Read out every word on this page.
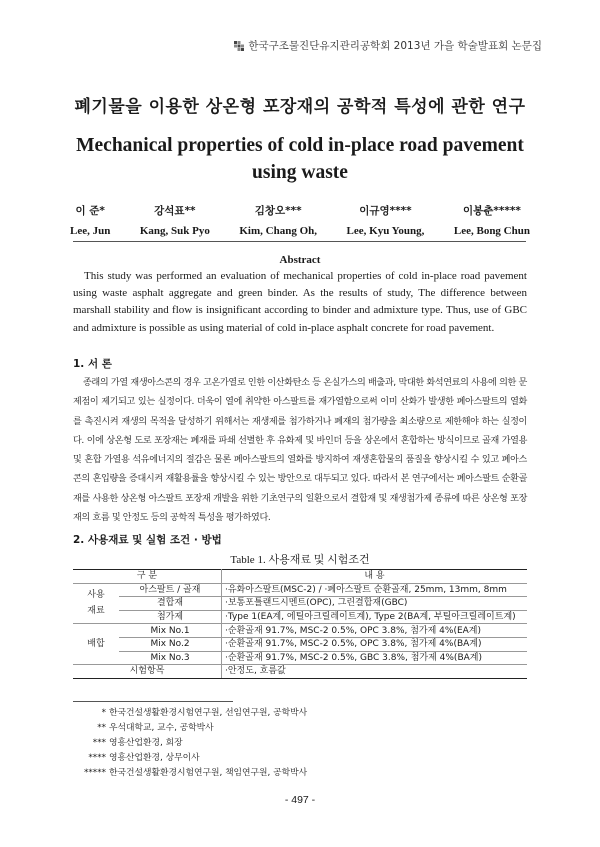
한국구조물진단유지관리공학회 2013년 가을 학술발표회 논문집
폐기물을 이용한 상온형 포장재의 공학적 특성에 관한 연구
Mechanical properties of cold in-place road pavement
using waste
이 준*
Lee, Jun
강석표**
Kang, Suk Pyo
김창오***
Kim, Chang Oh,
이규영****
Lee, Kyu Young,
이봉춘*****
Lee, Bong Chun
Abstract
This study was performed an evaluation of mechanical properties of cold in-place road pavement using waste asphalt aggregate and green binder. As the results of study, The difference between marshall stability and flow is insignificant according to binder and admixture type. Thus, use of GBC and admixture is possible as using material of cold in-place asphalt concrete for road pavement.
1. 서 론
종래의 가열 재생아스콘의 경우 고온가열로 인한 이산화탄소 등 온실가스의 배출과, 막대한 화석연료의 사용에 의한 문제점이 제기되고 있는 실정이다. 더욱이 열에 취약한 아스팔트를 재가열함으로써 이미 산화가 발생한 폐아스팔트의 열화를 촉진시켜 재생의 목적을 달성하기 위해서는 재생제를 첨가하거나 폐재의 첨가량을 최소량으로 제한해야 하는 실정이다. 이에 상온형 도로 포장재는 폐재를 파쇄 선별한 후 유화제 및 바인더 등을 상온에서 혼합하는 방식이므로 골재 가열용 및 혼합 가열용 석유에너지의 절감은 물론 폐아스팔트의 열화를 방지하여 재생혼합물의 품질을 향상시킬 수 있고 폐아스콘의 혼입량을 증대시켜 재활용률을 향상시킬 수 있는 방안으로 대두되고 있다. 따라서 본 연구에서는 폐아스팔트 순환골재를 사용한 상온형 아스팔트 포장재 개발을 위한 기초연구의 일환으로서 결합재 및 재생첨가제 종류에 따른 상온형 포장재의 흐름 및 안정도 등의 공학적 특성을 평가하였다.
2. 사용재료 및 실험 조건 · 방법
Table 1. 사용재료 및 시험조건
구 분		내 용

사용
재료	아스팔트 / 골재	·유화아스팔트(MSC-2) / ·폐아스팔트 순환골재, 25mm, 13mm, 8mm
	결합재	·보통포틀랜드시멘트(OPC), 그린결합재(GBC)
	첨가제	·Type 1(EA계, 에틸아크릴레이트계), Type 2(BA계, 부틸아크릴레이트계)
배합	Mix No.1	·순환골재 91.7%, MSC-2 0.5%, OPC 3.8%, 첨가제 4%(EA계)
	Mix No.2	·순환골재 91.7%, MSC-2 0.5%, OPC 3.8%, 첨가제 4%(BA계)
	Mix No.3	·순환골재 91.7%, MSC-2 0.5%, GBC 3.8%, 첨가제 4%(BA계)
시험항목		·안정도, 흐름값
* 한국건설생활환경시험연구원, 선임연구원, 공학박사
** 우석대학교, 교수, 공학박사
*** 영흥산업환경, 회장
**** 영흥산업환경, 상무이사
***** 한국건설생활환경시험연구원, 책임연구원, 공학박사
- 497 -
